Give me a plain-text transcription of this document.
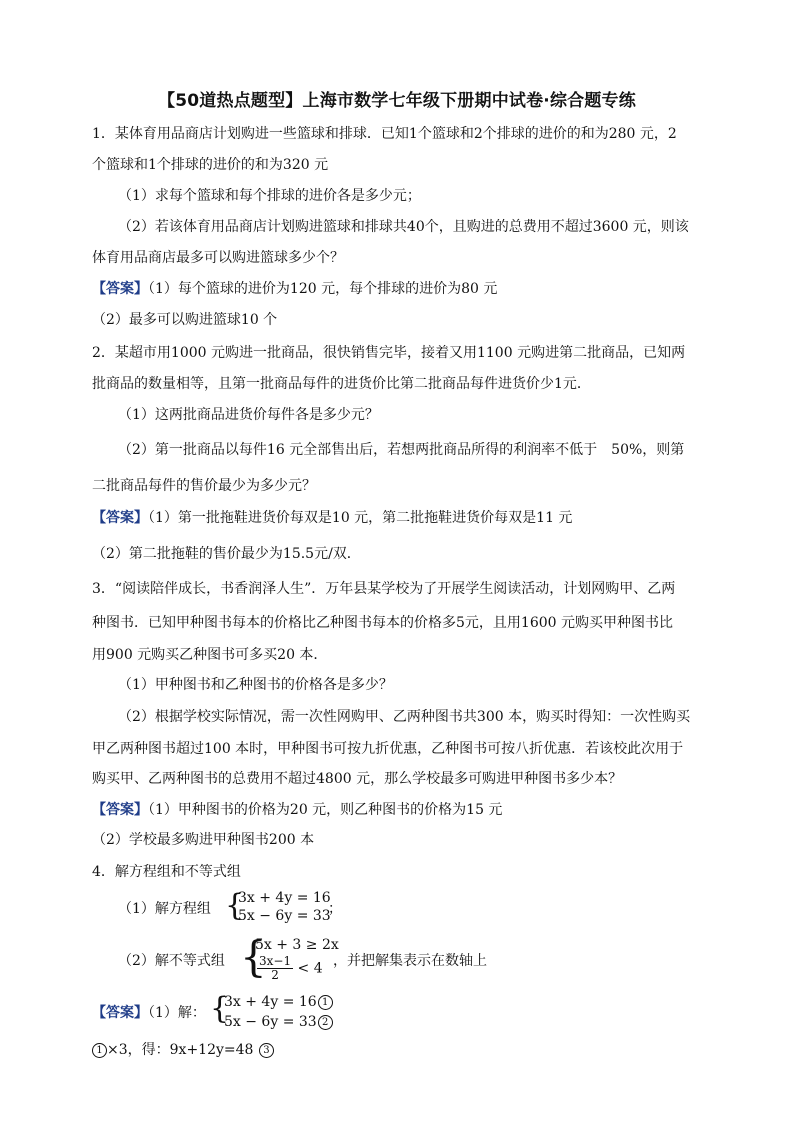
【50道热点题型】上海市数学七年级下册期中试卷·综合题专练
1．某体育用品商店计划购进一些篮球和排球．已知1个篮球和2个排球的进价的和为280 元，2
个篮球和1个排球的进价的和为320 元
（1）求每个篮球和每个排球的进价各是多少元；
（2）若该体育用品商店计划购进篮球和排球共40个，且购进的总费用不超过3600 元，则该
体育用品商店最多可以购进篮球多少个？
【答案】（1）每个篮球的进价为120 元，每个排球的进价为80 元
（2）最多可以购进篮球10 个
2．某超市用1000 元购进一批商品，很快销售完毕，接着又用1100 元购进第二批商品，已知两
批商品的数量相等，且第一批商品每件的进货价比第二批商品每件进货价少1元．
（1）这两批商品进货价每件各是多少元？
（2）第一批商品以每件16 元全部售出后，若想两批商品所得的利润率不低于　50%，则第
二批商品每件的售价最少为多少元？
【答案】（1）第一批拖鞋进货价每双是10 元，第二批拖鞋进货价每双是11 元
（2）第二批拖鞋的售价最少为15.5元/双．
3．“阅读陪伴成长，书香润泽人生”．万年县某学校为了开展学生阅读活动，计划网购甲、乙两
种图书．已知甲种图书每本的价格比乙种图书每本的价格多5元，且用1600 元购买甲种图书比
用900 元购买乙种图书可多买20 本．
（1）甲种图书和乙种图书的价格各是多少？
（2）根据学校实际情况，需一次性网购甲、乙两种图书共300 本，购买时得知：一次性购买
甲乙两种图书超过100 本时，甲种图书可按九折优惠，乙种图书可按八折优惠．若该校此次用于
购买甲、乙两种图书的总费用不超过4800 元，那么学校最多可购进甲种图书多少本？
【答案】（1）甲种图书的价格为20 元，则乙种图书的价格为15 元
（2）学校最多购进甲种图书200 本
4．解方程组和不等式组
（1）解方程组 {
3x + 4y = 16
5x − 6y = 33
；
（2）解不等式组 {
5x + 3 ≥ 2x
$\frac{3x-1}{2} < 4$ ，并把解集表示在数轴上
【答案】（1）解： {
3x + 4y = 16 1
5x − 6y = 33 2
1 ×3，得：9x+12y=48 3
